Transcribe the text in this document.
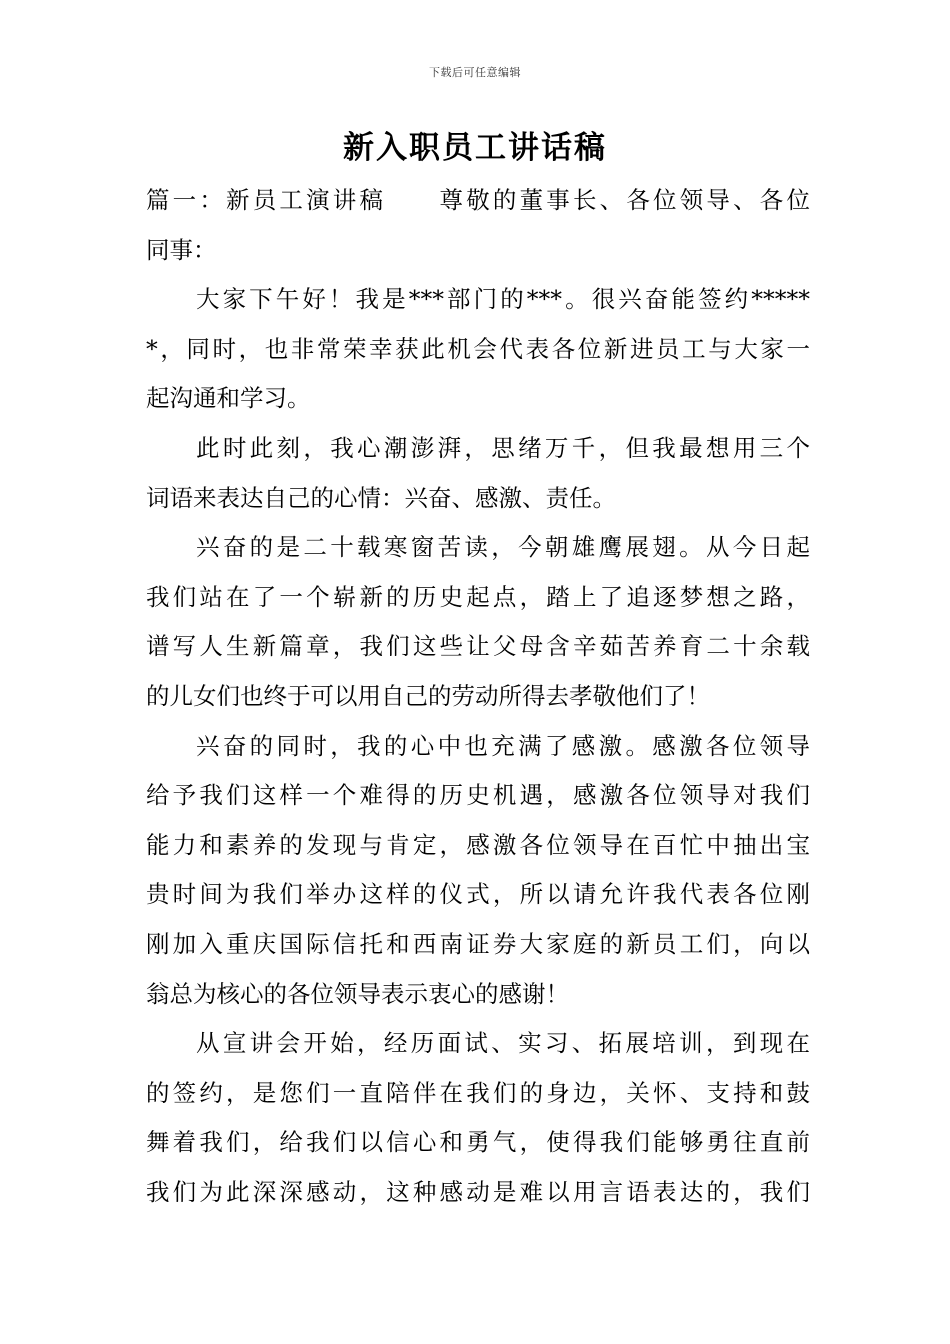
下载后可任意编辑
新入职员工讲话稿
篇一：新员工演讲稿　　尊敬的董事长、各位领导、各位
同事：
大家下午好！我是***部门的***。很兴奋能签约*****
*，同时，也非常荣幸获此机会代表各位新进员工与大家一
起沟通和学习。
此时此刻，我心潮澎湃，思绪万千，但我最想用三个
词语来表达自己的心情：兴奋、感激、责任。
兴奋的是二十载寒窗苦读，今朝雄鹰展翅。从今日起
我们站在了一个崭新的历史起点，踏上了追逐梦想之路，
谱写人生新篇章，我们这些让父母含辛茹苦养育二十余载
的儿女们也终于可以用自己的劳动所得去孝敬他们了！
兴奋的同时，我的心中也充满了感激。感激各位领导
给予我们这样一个难得的历史机遇，感激各位领导对我们
能力和素养的发现与肯定，感激各位领导在百忙中抽出宝
贵时间为我们举办这样的仪式，所以请允许我代表各位刚
刚加入重庆国际信托和西南证券大家庭的新员工们，向以
翁总为核心的各位领导表示衷心的感谢！
从宣讲会开始，经历面试、实习、拓展培训，到现在
的签约，是您们一直陪伴在我们的身边，关怀、支持和鼓
舞着我们，给我们以信心和勇气，使得我们能够勇往直前
我们为此深深感动，这种感动是难以用言语表达的，我们
